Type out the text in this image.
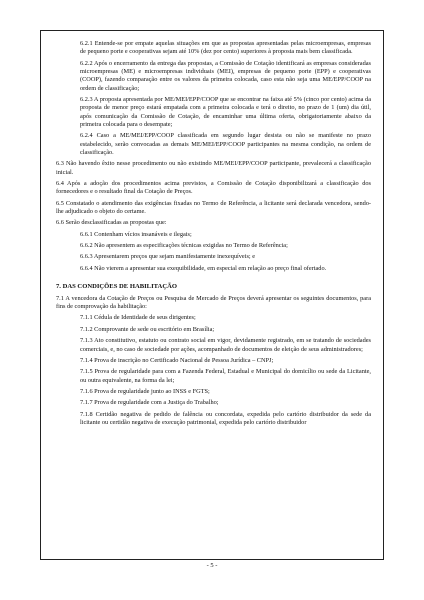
6.2.1 Entende-se por empate aquelas situações em que as propostas apresentadas pelas microempresas, empresas de pequeno porte e cooperativas sejam até 10% (dez por cento) superiores à proposta mais bem classificada.

6.2.2 Após o encerramento da entrega das propostas, a Comissão de Cotação identificará as empresas consideradas microempresas (ME) e microempresas individuais (MEI), empresas de pequeno porte (EPP) e cooperativas (COOP), fazendo comparação entre os valores da primeira colocada, caso esta não seja uma ME/EPP/COOP na ordem de classificação;

6.2.3 A proposta apresentada por ME/MEI/EPP/COOP que se encontrar na faixa até 5% (cinco por cento) acima da proposta de menor preço estará empatada com a primeira colocada e terá o direito, no prazo de 1 (um) dia útil, após comunicação da Comissão de Cotação, de encaminhar uma última oferta, obrigatoriamente abaixo da primeira colocada para o desempate;

6.2.4 Caso a ME/MEI/EPP/COOP classificada em segundo lugar desista ou não se manifeste no prazo estabelecido, serão convocadas as demais ME/MEI/EPP/COOP participantes na mesma condição, na ordem de classificação.

6.3 Não havendo êxito nesse procedimento ou não existindo ME/MEI/EPP/COOP participante, prevalecerá a classificação inicial.

6.4 Após a adoção dos procedimentos acima previstos, a Comissão de Cotação disponibilizará a classificação dos fornecedores e o resultado final da Cotação de Preços.

6.5 Constatado o atendimento das exigências fixadas no Termo de Referência, a licitante será declarada vencedora, sendo-lhe adjudicado o objeto do certame.

6.6 Serão desclassificadas as propostas que:

6.6.1 Contenham vícios insanáveis e ilegais;

6.6.2 Não apresentem as especificações técnicas exigidas no Termo de Referência;

6.6.3 Apresentarem preços que sejam manifestamente inexequíveis; e

6.6.4 Não vierem a apresentar sua exequibilidade, em especial em relação ao preço final ofertado.

7. DAS CONDIÇÕES DE HABILITAÇÃO

7.1 A vencedora da Cotação de Preços ou Pesquisa de Mercado de Preços deverá apresentar os seguintes documentos, para fins de comprovação da habilitação:

7.1.1 Cédula de Identidade de seus dirigentes;

7.1.2 Comprovante de sede ou escritório em Brasília;

7.1.3 Ato constitutivo, estatuto ou contrato social em vigor, devidamente registrado, em se tratando de sociedades comerciais, e, no caso de sociedade por ações, acompanhado de documentos de eleição de seus administradores;

7.1.4 Prova de inscrição no Certificado Nacional de Pessoa Jurídica – CNPJ;

7.1.5 Prova de regularidade para com a Fazenda Federal, Estadual e Municipal do domicílio ou sede da Licitante, ou outra equivalente, na forma da lei;

7.1.6 Prova de regularidade junto ao INSS e FGTS;

7.1.7 Prova de regularidade com a Justiça do Trabalho;

7.1.8 Certidão negativa de pedido de falência ou concordata, expedida pelo cartório distribuidor da sede da licitante ou certidão negativa de execução patrimonial, expedida pelo cartório distribuidor

- 5 -
